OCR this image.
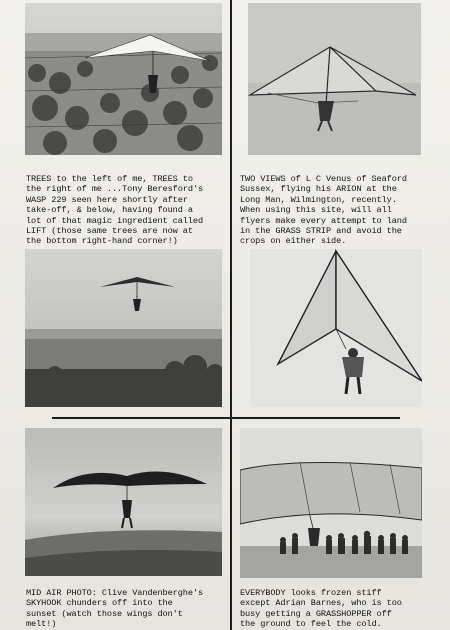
TREES to the left of me, TREES to
the right of me ...Tony Beresford's
WASP 229 seen here shortly after
take-off, & below, having found a
lot of that magic ingredient called
LIFT (those same trees are now at
the bottom right-hand corner!)
TWO VIEWS of L C Venus of Seaford
Sussex, flying his ARION at the
Long Man, Wilmington, recently.
When using this site, will all
flyers make every attempt to land
in the GRASS STRIP and avoid the
crops on either side.
MID AIR PHOTO: Clive Vandenberghe's
SKYHOOK chunders off into the
sunset (watch those wings don't
melt!)
EVERYBODY looks frozen stiff
except Adrian Barnes, who is too
busy getting a GRASSHOPPER off
the ground to feel the cold.
